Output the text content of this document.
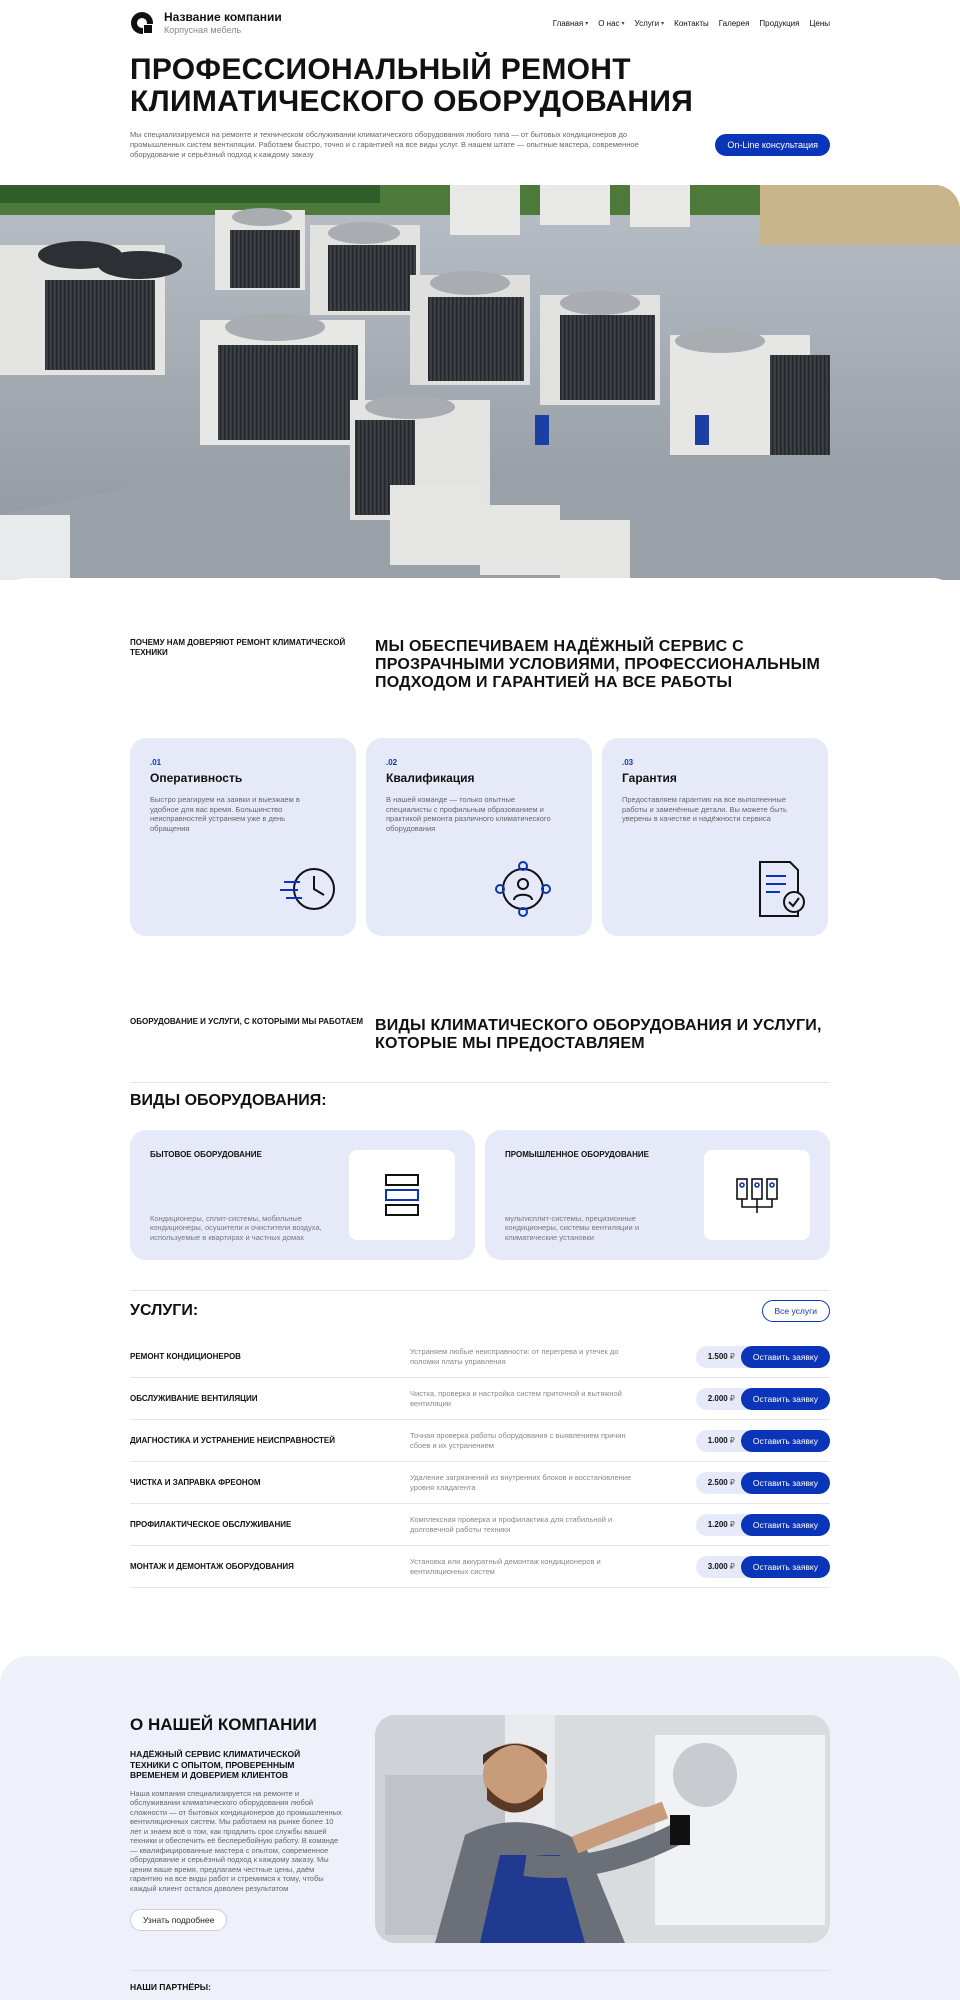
Название компании
Корпусная мебель
Главная ▾ О нас ▾ Услуги ▾ Контакты Галерея Продукция Цены
ПРОФЕССИОНАЛЬНЫЙ РЕМОНТ
КЛИМАТИЧЕСКОГО ОБОРУДОВАНИЯ

Мы специализируемся на ремонте и техническом обслуживании климатического оборудования любого типа — от бытовых кондиционеров до промышленных систем вентиляции. Работаем быстро, точно и с гарантией на все виды услуг. В нашем штате — опытные мастера, современное оборудование и серьёзный подход к каждому заказу

On-Line консультация
ПОЧЕМУ НАМ ДОВЕРЯЮТ РЕМОНТ КЛИМАТИЧЕСКОЙ ТЕХНИКИ	МЫ ОБЕСПЕЧИВАЕМ НАДЁЖНЫЙ СЕРВИС С ПРОЗРАЧНЫМИ УСЛОВИЯМИ, ПРОФЕССИОНАЛЬНЫМ ПОДХОДОМ И ГАРАНТИЕЙ НА ВСЕ РАБОТЫ
.01
Оперативность
Быстро реагируем на заявки и выезжаем в удобное для вас время. Большинство неисправностей устраняем уже в день обращения
.02
Квалификация
В нашей команде — только опытные специалисты с профильным образованием и практикой ремонта различного климатического оборудования
.03
Гарантия
Предоставляем гарантию на все выполненные работы и заменённые детали. Вы можете быть уверены в качестве и надёжности сервиса
ОБОРУДОВАНИЕ И УСЛУГИ, С КОТОРЫМИ МЫ РАБОТАЕМ ВИДЫ КЛИМАТИЧЕСКОГО ОБОРУДОВАНИЯ И УСЛУГИ, КОТОРЫЕ МЫ ПРЕДОСТАВЛЯЕМ
ВИДЫ ОБОРУДОВАНИЯ:
БЫТОВОЕ ОБОРУДОВАНИЕ
Кондиционеры, сплит-системы, мобильные кондиционеры, осушители и очистители воздуха, используемые в квартирах и частных домах
ПРОМЫШЛЕННОЕ ОБОРУДОВАНИЕ
мультисплит-системы, прецизионные кондиционеры, системы вентиляции и климатические установки
УСЛУГИ:	Все услуги
РЕМОНТ КОНДИЦИОНЕРОВ
Устраняем любые неисправности: от перегрева и утечек до поломки платы управления	1.500 ₽	Оставить заявку
ОБСЛУЖИВАНИЕ ВЕНТИЛЯЦИИ
Чистка, проверка и настройка систем приточной и вытяжной вентиляции	2.000 ₽	Оставить заявку
ДИАГНОСТИКА И УСТРАНЕНИЕ НЕИСПРАВНОСТЕЙ
Точная проверка работы оборудования с выявлением причин сбоев и их устранением	1.000 ₽	Оставить заявку
ЧИСТКА И ЗАПРАВКА ФРЕОНОМ
Удаление загрязнений из внутренних блоков и восстановление уровня хладагента	2.500 ₽	Оставить заявку
ПРОФИЛАКТИЧЕСКОЕ ОБСЛУЖИВАНИЕ
Комплексная проверка и профилактика для стабильной и долговечной работы техники	1.200 ₽	Оставить заявку
МОНТАЖ И ДЕМОНТАЖ ОБОРУДОВАНИЯ
Установка или аккуратный демонтаж кондиционеров и вентиляционных систем	3.000 ₽	Оставить заявку
О НАШЕЙ КОМПАНИИ
НАДЁЖНЫЙ СЕРВИС КЛИМАТИЧЕСКОЙ ТЕХНИКИ С ОПЫТОМ, ПРОВЕРЕННЫМ ВРЕМЕНЕМ И ДОВЕРИЕМ КЛИЕНТОВ
Наша компания специализируется на ремонте и обслуживании климатического оборудования любой сложности — от бытовых кондиционеров до промышленных вентиляционных систем. Мы работаем на рынке более 10 лет и знаем всё о том, как продлить срок службы вашей техники и обеспечить её бесперебойную работу. В команде — квалифицированные мастера с опытом, современное оборудование и серьёзный подход к каждому заказу. Мы ценим ваше время, предлагаем честные цены, даём гарантию на все виды работ и стремимся к тому, чтобы каждый клиент остался доволен результатом
Узнать подробнее
НАШИ ПАРТНЁРЫ:
